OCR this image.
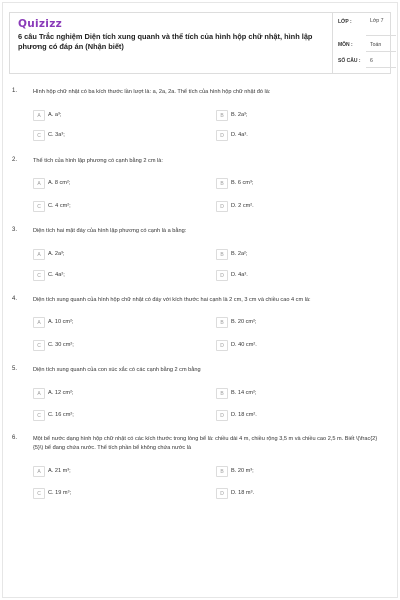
Quizizz
6 câu Trắc nghiệm Diện tích xung quanh và thể tích của hình hộp chữ nhật, hình lập phương có đáp án (Nhận biết)
LỚP :	Lớp 7
MÔN :	Toán
SỐ CÂU : 6
1.	Hình hộp chữ nhật có ba kích thước lần lượt là: a, 2a, 2a. Thể tích của hình hộp chữ nhật đó là:
A	A. a³;	B	B. 2a³;
C	C. 3a³;	D	D. 4a³.
2.	Thể tích của hình lập phương có cạnh bằng 2 cm là:
A	A. 8 cm²;	B	B. 6 cm³;
C	C. 4 cm²;	D	D. 2 cm².
3.	Diện tích hai mặt đáy của hình lập phương có cạnh là a bằng:
A	A. 2a³;	B	B. 2a²;
C	C. 4a²;	D	D. 4a³.
4.	Diện tích xung quanh của hình hộp chữ nhật có đáy với kích thước hai cạnh là 2 cm, 3 cm và chiều cao 4 cm là:
A	A. 10 cm²;	B	B. 20 cm²;
C	C. 30 cm²;	D	D. 40 cm².
5.	Diện tích xung quanh của con xúc xắc có các cạnh bằng 2 cm bằng
A	A. 12 cm²;	B	B. 14 cm²;
C	C. 16 cm²;	D	D. 18 cm².
6.	Một bể nước dạng hình hộp chữ nhật có các kích thước trong lòng bể là: chiều dài 4 m, chiều rộng 3,5 m và chiều cao 2,5 m. Biết \(\frac{2}{5}\) bể đang chứa nước. Thể tích phần bể không chứa nước là
A	A. 21 m³;	B	B. 20 m³;
C	C. 19 m³;	D	D. 18 m³.
